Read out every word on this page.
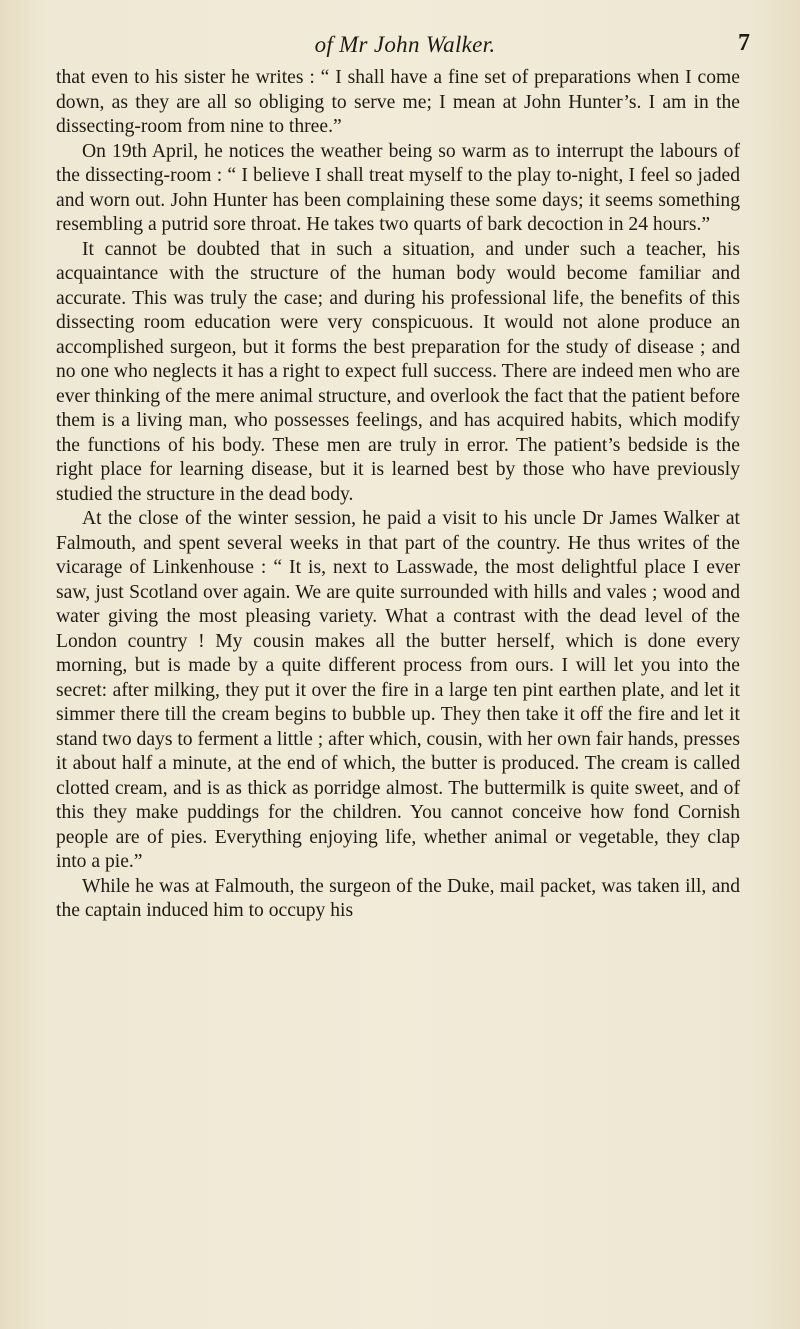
of Mr John Walker.	7

that even to his sister he writes : “ I shall have a fine set of preparations when I come down, as they are all so obliging to serve me; I mean at John Hunter’s. I am in the dissecting-room from nine to three.”

On 19th April, he notices the weather being so warm as to interrupt the labours of the dissecting-room : “ I believe I shall treat myself to the play to-night, I feel so jaded and worn out. John Hunter has been complaining these some days; it seems something resembling a putrid sore throat. He takes two quarts of bark decoction in 24 hours.”

It cannot be doubted that in such a situation, and under such a teacher, his acquaintance with the structure of the human body would become familiar and accurate. This was truly the case; and during his professional life, the benefits of this dissecting room education were very conspicuous. It would not alone produce an accomplished surgeon, but it forms the best preparation for the study of disease ; and no one who neglects it has a right to expect full success. There are indeed men who are ever thinking of the mere animal structure, and overlook the fact that the patient before them is a living man, who possesses feelings, and has acquired habits, which modify the functions of his body. These men are truly in error. The patient’s bedside is the right place for learning disease, but it is learned best by those who have previously studied the structure in the dead body.

At the close of the winter session, he paid a visit to his uncle Dr James Walker at Falmouth, and spent several weeks in that part of the country. He thus writes of the vicarage of Linkenhouse : “ It is, next to Lasswade, the most delightful place I ever saw, just Scotland over again. We are quite surrounded with hills and vales ; wood and water giving the most pleasing variety. What a contrast with the dead level of the London country ! My cousin makes all the butter herself, which is done every morning, but is made by a quite different process from ours. I will let you into the secret: after milking, they put it over the fire in a large ten pint earthen plate, and let it simmer there till the cream begins to bubble up. They then take it off the fire and let it stand two days to ferment a little ; after which, cousin, with her own fair hands, presses it about half a minute, at the end of which, the butter is produced. The cream is called clotted cream, and is as thick as porridge almost. The buttermilk is quite sweet, and of this they make puddings for the children. You cannot conceive how fond Cornish people are of pies. Everything enjoying life, whether animal or vegetable, they clap into a pie.”

While he was at Falmouth, the surgeon of the Duke, mail packet, was taken ill, and the captain induced him to occupy his
